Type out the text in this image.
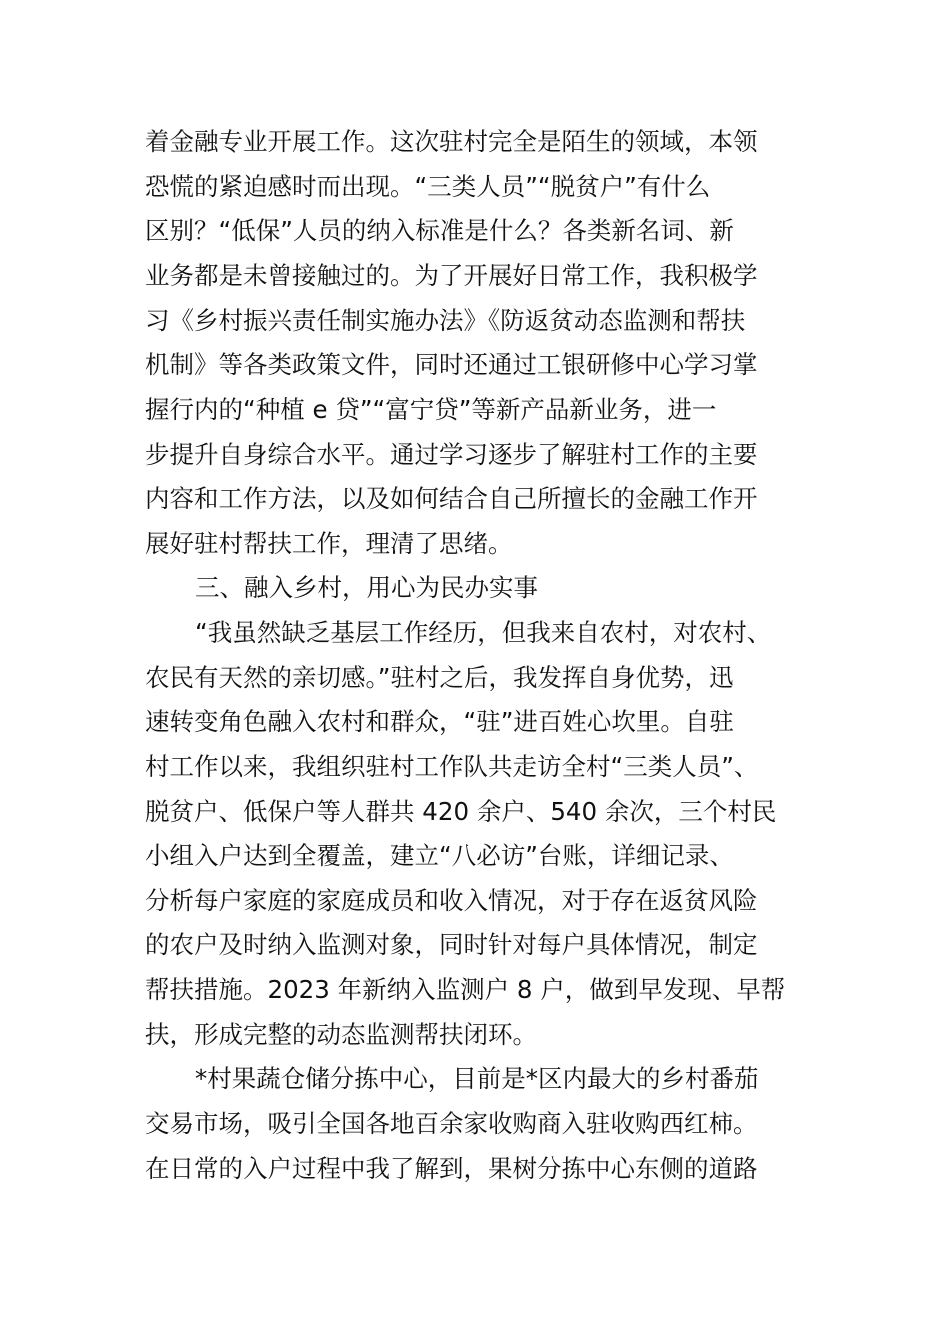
着金融专业开展工作。这次驻村完全是陌生的领域，本领
恐慌的紧迫感时而出现。“三类人员”“脱贫户”有什么
区别？“低保”人员的纳入标准是什么？各类新名词、新
业务都是未曾接触过的。为了开展好日常工作，我积极学
习《乡村振兴责任制实施办法》《防返贫动态监测和帮扶
机制》等各类政策文件，同时还通过工银研修中心学习掌
握行内的“种植 e 贷”“富宁贷”等新产品新业务，进一
步提升自身综合水平。通过学习逐步了解驻村工作的主要
内容和工作方法，以及如何结合自己所擅长的金融工作开
展好驻村帮扶工作，理清了思绪。
三、融入乡村，用心为民办实事
“我虽然缺乏基层工作经历，但我来自农村，对农村、
农民有天然的亲切感。”驻村之后，我发挥自身优势，迅
速转变角色融入农村和群众，“驻”进百姓心坎里。自驻
村工作以来，我组织驻村工作队共走访全村“三类人员”、
脱贫户、低保户等人群共 420 余户、540 余次，三个村民
小组入户达到全覆盖，建立“八必访”台账，详细记录、
分析每户家庭的家庭成员和收入情况，对于存在返贫风险
的农户及时纳入监测对象，同时针对每户具体情况，制定
帮扶措施。2023 年新纳入监测户 8 户，做到早发现、早帮
扶，形成完整的动态监测帮扶闭环。
*村果蔬仓储分拣中心，目前是*区内最大的乡村番茄
交易市场，吸引全国各地百余家收购商入驻收购西红柿。
在日常的入户过程中我了解到，果树分拣中心东侧的道路
